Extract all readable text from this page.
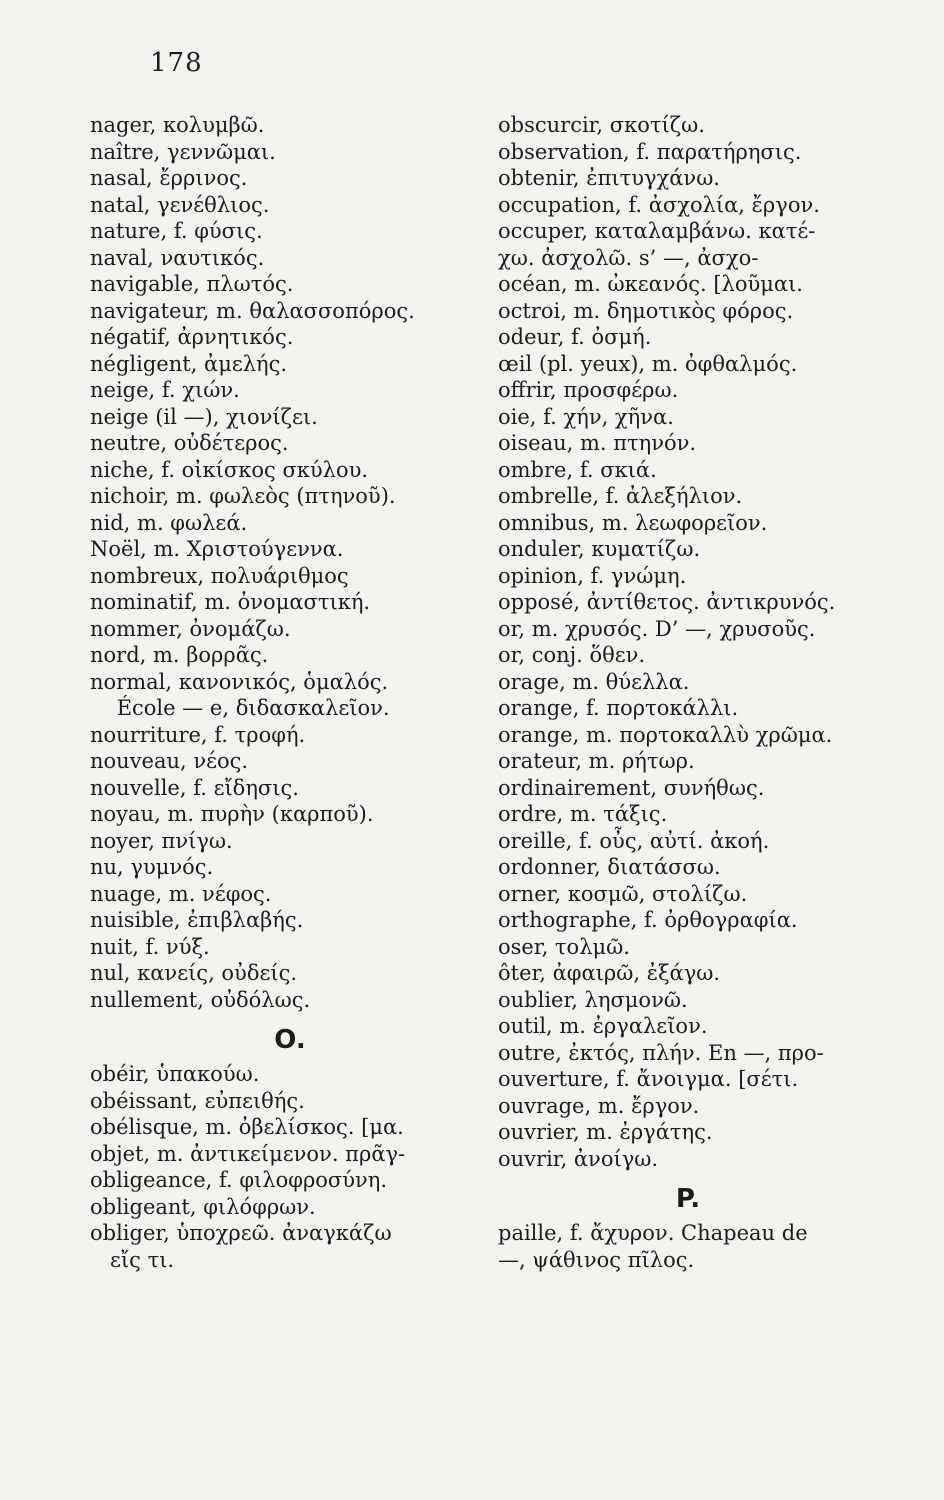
178
nager, κολυμβῶ.
naître, γεννῶμαι.
nasal, ἔρρινος.
natal, γενέθλιος.
nature, f. φύσις.
naval, ναυτικός.
navigable, πλωτός.
navigateur, m. θαλασσοπόρος.
négatif, ἀρνητικός.
négligent, ἀμελής.
neige, f. χιών.
neige (il —), χιονίζει.
neutre, οὐδέτερος.
niche, f. οἰκίσκος σκύλου.
nichoir, m. φωλεὸς (πτηνοῦ).
nid, m. φωλεά.
Noël, m. Χριστούγεννα.
nombreux, πολυάριθμος
nominatif, m. ὀνομαστική.
nommer, ὀνομάζω.
nord, m. βορρᾶς.
normal, κανονικός, ὁμαλός.
École — e, διδασκαλεῖον.
nourriture, f. τροφή.
nouveau, νέος.
nouvelle, f. εἴδησις.
noyau, m. πυρὴν (καρποῦ).
noyer, πνίγω.
nu, γυμνός.
nuage, m. νέφος.
nuisible, ἐπιβλαβής.
nuit, f. νύξ.
nul, κανείς, οὐδείς.
nullement, οὐδόλως.
O.
obéir, ὑπακούω.
obéissant, εὐπειθής.
obélisque, m. ὀβελίσκος. [μα.
objet, m. ἀντικείμενον. πρᾶγ-
obligeance, f. φιλοφροσύνη.
obligeant, φιλόφρων.
obliger, ὑποχρεῶ. ἀναγκάζω
εἴς τι.
obscurcir, σκοτίζω.
observation, f. παρατήρησις.
obtenir, ἐπιτυγχάνω.
occupation, f. ἀσχολία, ἔργον.
occuper, καταλαμβάνω. κατέ-
χω. ἀσχολῶ. s’ —, ἀσχο-
océan, m. ὠκεανός. [λοῦμαι.
octroi, m. δημοτικὸς φόρος.
odeur, f. ὀσμή.
œil (pl. yeux), m. ὀφθαλμός.
offrir, προσφέρω.
oie, f. χήν, χῆνα.
oiseau, m. πτηνόν.
ombre, f. σκιά.
ombrelle, f. ἀλεξήλιον.
omnibus, m. λεωφορεῖον.
onduler, κυματίζω.
opinion, f. γνώμη.
opposé, ἀντίθετος. ἀντικρυνός.
or, m. χρυσός. D’ —, χρυσοῦς.
or, conj. ὅθεν.
orage, m. θύελλα.
orange, f. πορτοκάλλι.
orange, m. πορτοκαλλὺ χρῶμα.
orateur, m. ρήτωρ.
ordinairement, συνήθως.
ordre, m. τάξις.
oreille, f. οὖς, αὐτί. ἀκοή.
ordonner, διατάσσω.
orner, κοσμῶ, στολίζω.
orthographe, f. ὀρθογραφία.
oser, τολμῶ.
ôter, ἀφαιρῶ, ἐξάγω.
oublier, λησμονῶ.
outil, m. ἐργαλεῖον.
outre, ἐκτός, πλήν. En —, προ-
ouverture, f. ἄνοιγμα. [σέτι.
ouvrage, m. ἔργον.
ouvrier, m. ἐργάτης.
ouvrir, ἀνοίγω.
P.
paille, f. ἄχυρον. Chapeau de
—, ψάθινος πῖλος.
